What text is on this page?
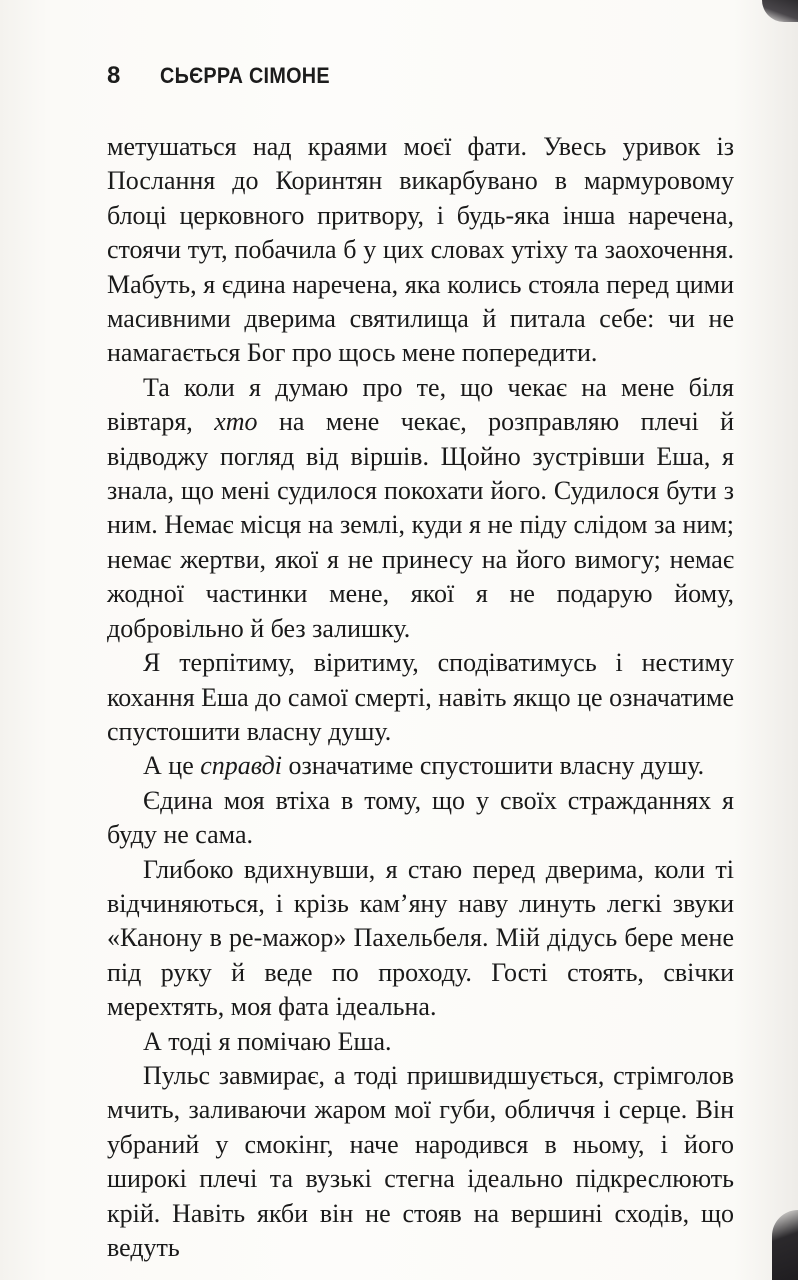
8 СЬЄРРА СІМОНЕ

метушаться над краями моєї фати. Увесь уривок із Послання до Коринтян викарбувано в мармуровому блоці церковного притвору, і будь-яка інша наречена, стоячи тут, побачила б у цих словах утіху та заохочення. Мабуть, я єдина наречена, яка колись стояла перед цими масивними дверима святилища й питала себе: чи не намагається Бог про щось мене попередити.

Та коли я думаю про те, що чекає на мене біля вівтаря, хто на мене чекає, розправляю плечі й відводжу погляд від віршів. Щойно зустрівши Еша, я знала, що мені судилося покохати його. Судилося бути з ним. Немає місця на землі, куди я не піду слідом за ним; немає жертви, якої я не принесу на його вимогу; немає жодної частинки мене, якої я не подарую йому, добровільно й без залишку.

Я терпітиму, віритиму, сподіватимусь і нестиму кохання Еша до самої смерті, навіть якщо це означатиме спустошити власну душу.

А це справді означатиме спустошити власну душу.

Єдина моя втіха в тому, що у своїх стражданнях я буду не сама.

Глибоко вдихнувши, я стаю перед дверима, коли ті відчиняються, і крізь кам’яну наву линуть легкі звуки «Канону в ре-мажор» Пахельбеля. Мій дідусь бере мене під руку й веде по проходу. Гості стоять, свічки мерехтять, моя фата ідеальна.

А тоді я помічаю Еша.

Пульс завмирає, а тоді пришвидшується, стрімголов мчить, заливаючи жаром мої губи, обличчя і серце. Він убраний у смокінг, наче народився в ньому, і його широкі плечі та вузькі стегна ідеально підкреслюють крій. Навіть якби він не стояв на вершині сходів, що ведуть
